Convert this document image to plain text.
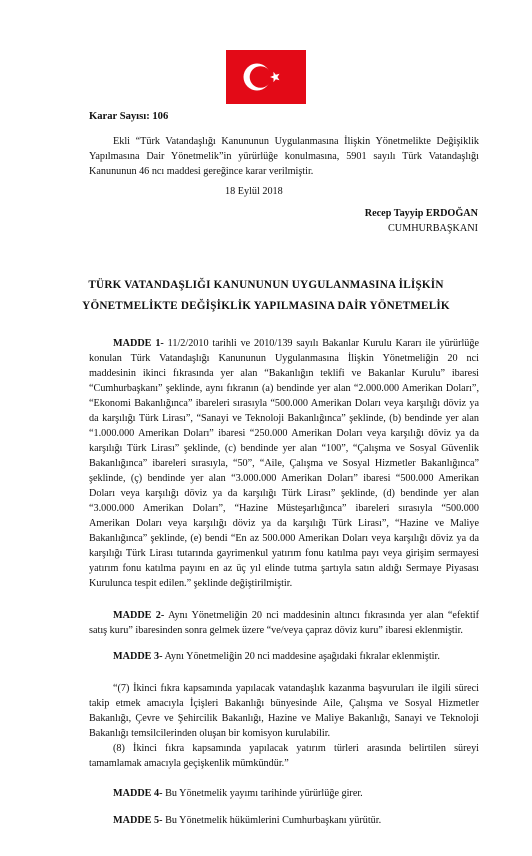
Karar Sayısı: 106
Ekli “Türk Vatandaşlığı Kanununun Uygulanmasına İlişkin Yönetmelikte Değişiklik
Yapılmasına Dair Yönetmelik”in yürürlüğe konulmasına, 5901 sayılı Türk Vatandaşlığı
Kanununun 46 ncı maddesi gereğince karar verilmiştir.
18 Eylül 2018
Recep Tayyip ERDOĞAN
CUMHURBAŞKANI
TÜRK VATANDAŞLIĞI KANUNUNUN UYGULANMASINA İLİŞKİN
YÖNETMELİKTE DEĞİŞİKLİK YAPILMASINA DAİR YÖNETMELİK
MADDE 1- 11/2/2010 tarihli ve 2010/139 sayılı Bakanlar Kurulu Kararı ile yürürlüğe
konulan Türk Vatandaşlığı Kanununun Uygulanmasına İlişkin Yönetmeliğin 20 nci
maddesinin ikinci fıkrasında yer alan “Bakanlığın teklifi ve Bakanlar Kurulu” ibaresi
“Cumhurbaşkanı” şeklinde, aynı fıkranın (a) bendinde yer alan “2.000.000 Amerikan Doları”,
“Ekonomi Bakanlığınca” ibareleri sırasıyla “500.000 Amerikan Doları veya karşılığı döviz ya
da karşılığı Türk Lirası”, “Sanayi ve Teknoloji Bakanlığınca” şeklinde, (b) bendinde yer alan
“1.000.000 Amerikan Doları” ibaresi “250.000 Amerikan Doları veya karşılığı döviz ya da
karşılığı Türk Lirası” şeklinde, (c) bendinde yer alan “100”, “Çalışma ve Sosyal Güvenlik
Bakanlığınca” ibareleri sırasıyla, “50”, “Aile, Çalışma ve Sosyal Hizmetler Bakanlığınca”
şeklinde, (ç) bendinde yer alan “3.000.000 Amerikan Doları” ibaresi “500.000 Amerikan
Doları veya karşılığı döviz ya da karşılığı Türk Lirası” şeklinde, (d) bendinde yer alan
“3.000.000 Amerikan Doları”, “Hazine Müsteşarlığınca” ibareleri sırasıyla “500.000
Amerikan Doları veya karşılığı döviz ya da karşılığı Türk Lirası”, “Hazine ve Maliye
Bakanlığınca” şeklinde, (e) bendi “En az 500.000 Amerikan Doları veya karşılığı döviz ya da
karşılığı Türk Lirası tutarında gayrimenkul yatırım fonu katılma payı veya girişim sermayesi
yatırım fonu katılma payını en az üç yıl elinde tutma şartıyla satın aldığı Sermaye Piyasası
Kurulunca tespit edilen.” şeklinde değiştirilmiştir.
MADDE 2- Aynı Yönetmeliğin 20 nci maddesinin altıncı fıkrasında yer alan “efektif
satış kuru” ibaresinden sonra gelmek üzere “ve/veya çapraz döviz kuru” ibaresi eklenmiştir.
MADDE 3- Aynı Yönetmeliğin 20 nci maddesine aşağıdaki fıkralar eklenmiştir.
“(7) İkinci fıkra kapsamında yapılacak vatandaşlık kazanma başvuruları ile ilgili süreci
takip etmek amacıyla İçişleri Bakanlığı bünyesinde Aile, Çalışma ve Sosyal Hizmetler
Bakanlığı, Çevre ve Şehircilik Bakanlığı, Hazine ve Maliye Bakanlığı, Sanayi ve Teknoloji
Bakanlığı temsilcilerinden oluşan bir komisyon kurulabilir.
(8) İkinci fıkra kapsamında yapılacak yatırım türleri arasında belirtilen süreyi
tamamlamak amacıyla geçişkenlik mümkündür.”
MADDE 4- Bu Yönetmelik yayımı tarihinde yürürlüğe girer.
MADDE 5- Bu Yönetmelik hükümlerini Cumhurbaşkanı yürütür.
